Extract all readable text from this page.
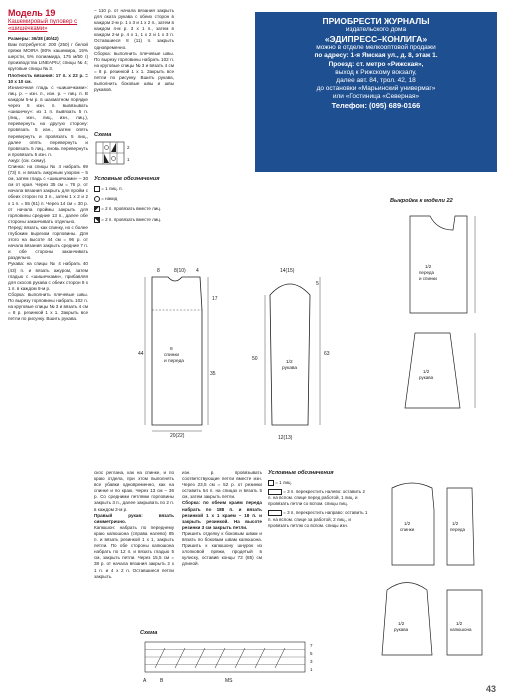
Модель 19
Кашемировый пуловер с «шишечками»

Размеры: 36/38 (40/42)

Вам потребуется: 200 (250) г белой пряжи MOIRA (80% кашемира, 15% шерсти, 5% полиамида, 175 м/50 г) производства LINEAPIU; спицы № 4; круговые спицы № 3.

Плотность вязания: 17 п. х 22 р. = 10 х 10 см.

Изнаночная гладь с «шишечками»: лиц. р. – изн. п., изн. р. – лиц. п. В каждом 5-м р. в шахматном порядке через 5 изн. п. вывязывать «шишечку»: из 1 п. вывязать 5 п. (лиц., изн., лиц., изн., лиц.), перевернуть на другую сторону: провязать 5 изн., затем опять перевернуть и провязать 5 лиц., далее опять перевернуть и провязать 5 лиц., вновь перевернуть и провязать 5 изн. п.

Ажур: (см. схему).

Спинка: на спицы № 4 набрать 69 (73) п. и вязать ажурным узором – 5 см, затем гладь с «шишечками» – 30 см от края. Через 35 см = 76 р. от начала вязания закрыть для пройм с обеих сторон по 3 п., затем 1 х 2 и 2 х 1 п. = 55 (61) п. Через 14 см = 30 р. от начала проймы закрыть для горловины средние 13 п., далее обе стороны заканчивать отдельно.

Перед: вязать, как спинку, но с более глубоким вырезом горловины. Для этого на высоте 44 см = 96 р. от начала вязания закрыть средние 7 п. и обе стороны заканчивать раздельно.

Рукава: на спицы № 4 набрать 40 (43) п. и вязать ажуром, затем гладью с «шишечками», прибавляя для скосов рукава с обеих сторон 8 х 1 п. в каждом 8-м р.

Сборка: выполнить плечевые швы. По вырезу горловины набрать 102 п. на круговые спицы № 3 и вязать 4 см = 8 р. резинкой 1 х 1. Закрыть все петли по рисунку. Вшить рукава.

– 110 р. от начала вязания закрыть для окатa рукава с обеих сторон в каждом 2-м р. 1 х 3 и 1 х 2 п., затем в каждом 4-м р. 3 х 1 п., затем в каждом 2-м р. 4 х 1, 1 х 2 и 1 х 3 п. Оставшиеся 8 (11) п. закрыть одновременно.

Сборка: выполнить плечевые швы. По вырезу горловины набрать 102 п. на круговые спицы № 3 и вязать 4 см = 8 р. резинкой 1 х 1. Закрыть все петли по рисунку. Вшить рукава, выполнить боковые швы и швы рукавов.

Схема
2
1
Условные обозначения
= 1 лиц. п.
= накид
= 2 п. провязать вместе лиц.
= 2 п. провязать вместе лиц.
ПРИОБРЕСТИ ЖУРНАЛЫ
издательского дома
«ЭДИПРЕСС–КОНЛИГА»
можно в отделе мелкооптовой продажи
по адресу: 1-я Ямская ул., д. 8, этаж 1.
Проезд: ст. метро «Рижская»,
выход к Рижскому вокзалу,
далее авт. 84, трол. 42, 18
до остановки «Марьинский универмаг»
или «Гостиница «Северная»
Телефон: (095) 689-0166
Выкройка к модели 22
1/2
переда
и спинки
1/2
рукава
8
спинки
и переда
8	8(10) 4
17
44
35
20(22)
1/2
рукава
14(15)
5
63
50
12(13)

скос реглана, как на спинке, и по краю отдела, при этом выполнять все убавки одновременно, как на спинке и по краю. Через 13 см – 36 р. Со средними петлями горловины закрыть 3 п., далее закрывать по 2 п. в каждом 2-м р.

Правый рукав: вязать симметрично.

Капюшон: набрать по переднему краю капюшона (справа налево) 85 п. и вязать резинкой 1 х 1, закрыть петли. По обе стороны капюшона набрать по 12 п. и вязать гладью 5 см, закрыть петли. Через 15,5 см = 38 р. от начала вязания закрыть 2 х 1 п. и 4 х 2 п. Оставшиеся петли закрыть.

изн. р. провязывать соответствующие петли вместе изн. Через 23,5 см = 52 р. от резинки оставить 54 п. на спицах и вязать 5 см, затем закрыть петли.

Сборка: по обеим краям переда набрать по 188 п. и вязать резинкой 1 х 1 краем – 18 п. и закрыть резинкой. На высоте резинки 3 см закрыть петли.

Пришить отделку к боковым швам и вязать по боковым швам капюшона. Пришить к капюшону шнурок из хлопковой пряжи, продетый в кулиску, оставив концы 73 (85) см длиной.

Условные обозначения
= 1 лиц.
= 3 п. перекрестить налево: оставить 2 п. на вспом. спице перед работой, 1 лиц. и провязать петли со вспом. спицы лиц.
= 3 п. перекрестить направо: оставить 1 п. на вспом. спице за работой, 2 лиц., и провязать петлю со вспом. спицы изн.
Схема
A	B	MS
7
5
3
1
1/2
спинки
1/2
переда
1/2
рукава
1/2
капюшона
43
